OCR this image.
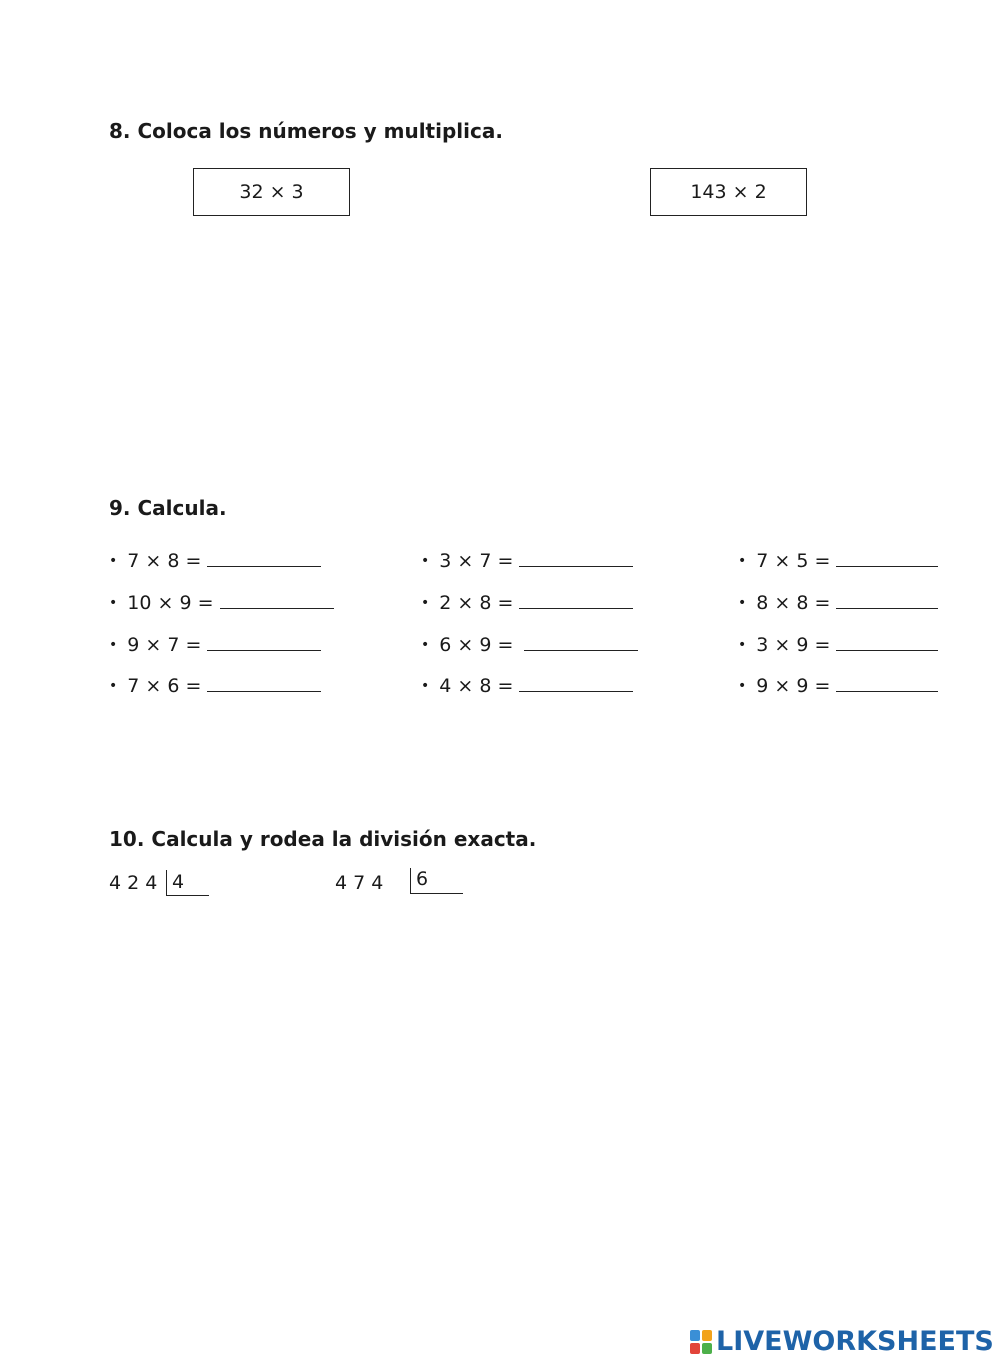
8. Coloca los números y multiplica.
32 × 3	143 × 2
9. Calcula.
• 7 × 8 =
• 10 × 9 =
• 9 × 7 =
• 7 × 6 =
• 3 × 7 =
• 2 × 8 =
• 6 × 9 =
• 4 × 8 =
• 7 × 5 =
• 8 × 8 =
• 3 × 9 =
• 9 × 9 =
10. Calcula y rodea la división exacta.
4 2 4 4	4 7 4 6
LIVEWORKSHEETS
